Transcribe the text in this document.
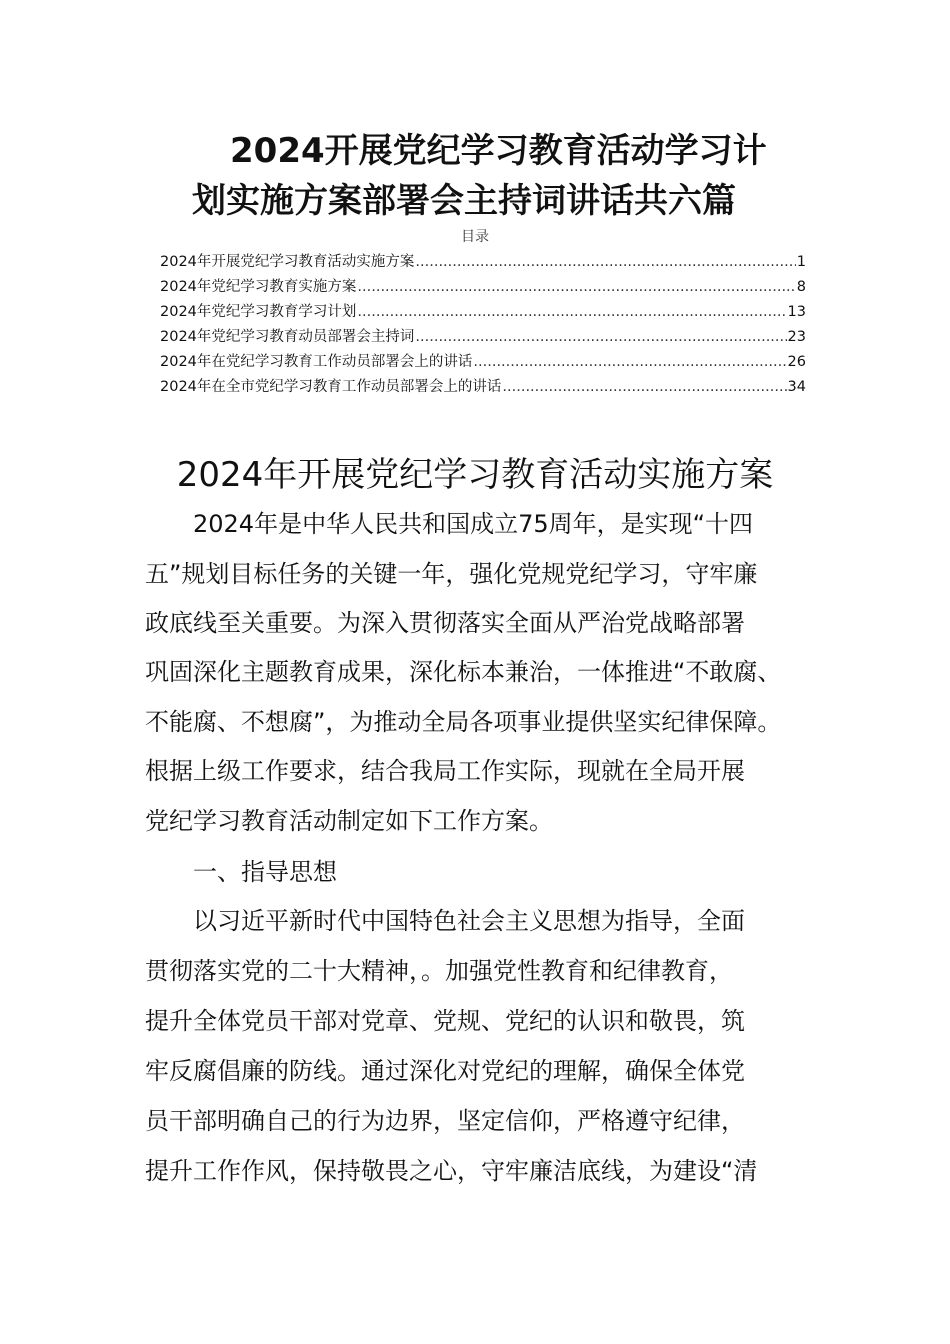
2024开展党纪学习教育活动学习计
划实施方案部署会主持词讲话共六篇
目录
2024年开展党纪学习教育活动实施方案 .....	1
2024年党纪学习教育实施方案 .....	8
2024年党纪学习教育学习计划 .....	13
2024年党纪学习教育动员部署会主持词 .....	23
2024年在党纪学习教育工作动员部署会上的讲话 .....	26
2024年在全市党纪学习教育工作动员部署会上的讲话 .....	34
2024年开展党纪学习教育活动实施方案

　　2024年是中华人民共和国成立75周年，是实现“十四

五”规划目标任务的关键一年，强化党规党纪学习，守牢廉

政底线至关重要。为深入贯彻落实全面从严治党战略部署

巩固深化主题教育成果，深化标本兼治，一体推进“不敢腐、

不能腐、不想腐”，为推动全局各项事业提供坚实纪律保障。

根据上级工作要求，结合我局工作实际，现就在全局开展

党纪学习教育活动制定如下工作方案。

　　一、指导思想

　　以习近平新时代中国特色社会主义思想为指导，全面

贯彻落实党的二十大精神，。加强党性教育和纪律教育，

提升全体党员干部对党章、党规、党纪的认识和敬畏，筑

牢反腐倡廉的防线。通过深化对党纪的理解，确保全体党

员干部明确自己的行为边界，坚定信仰，严格遵守纪律，

提升工作作风，保持敬畏之心，守牢廉洁底线，为建设“清
